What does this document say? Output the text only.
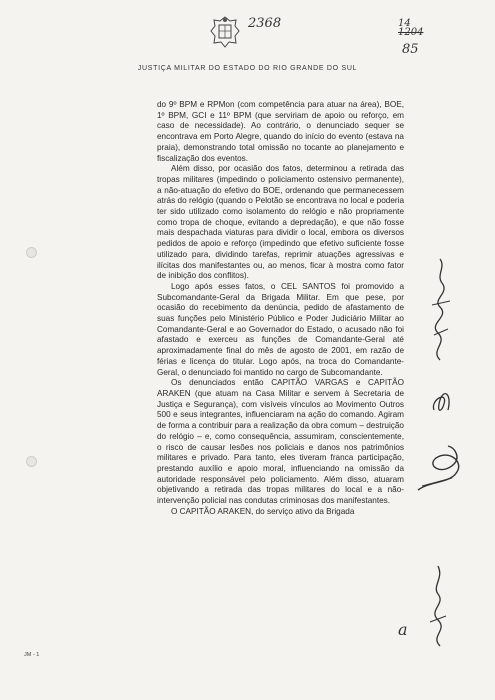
2368	14
1204
85
JUSTIÇA MILITAR DO ESTADO DO RIO GRANDE DO SUL

do 9º BPM e RPMon (com competência para atuar na área), BOE, 1º BPM, GCI e 11º BPM (que serviriam de apoio ou reforço, em caso de necessidade). Ao contrário, o denunciado sequer se encontrava em Porto Alegre, quando do início do evento (estava na praia), demonstrando total omissão no tocante ao planejamento e fiscalização dos eventos.

Além disso, por ocasião dos fatos, determinou a retirada das tropas militares (impedindo o policiamento ostensivo permanente), a não-atuação do efetivo do BOE, ordenando que permanecessem atrás do relógio (quando o Pelotão se encontrava no local e poderia ter sido utilizado como isolamento do relógio e não propriamente como tropa de choque, evitando a depredação), e que não fosse mais despachada viaturas para dividir o local, embora os diversos pedidos de apoio e reforço (impedindo que efetivo suficiente fosse utilizado para, dividindo tarefas, reprimir atuações agressivas e ilícitas dos manifestantes ou, ao menos, ficar à mostra como fator de inibição dos conflitos).

Logo após esses fatos, o CEL SANTOS foi promovido a Subcomandante-Geral da Brigada Militar. Em que pese, por ocasião do recebimento da denúncia, pedido de afastamento de suas funções pelo Ministério Público e Poder Judiciário Militar ao Comandante-Geral e ao Governador do Estado, o acusado não foi afastado e exerceu as funções de Comandante-Geral até aproximadamente final do mês de agosto de 2001, em razão de férias e licença do titular. Logo após, na troca do Comandante-Geral, o denunciado foi mantido no cargo de Subcomandante.

Os denunciados então CAPITÃO VARGAS e CAPITÃO ARAKEN (que atuam na Casa Militar e servem à Secretaria de Justiça e Segurança), com visíveis vínculos ao Movimento Outros 500 e seus integrantes, influenciaram na ação do comando. Agiram de forma a contribuir para a realização da obra comum – destruição do relógio – e, como consequência, assumiram, conscientemente, o risco de causar lesões nos policiais e danos nos patrimônios militares e privado. Para tanto, eles tiveram franca participação, prestando auxílio e apoio moral, influenciando na omissão da autoridade responsável pelo policiamento. Além disso, atuaram objetivando a retirada das tropas militares do local e a não-intervenção policial nas condutas criminosas dos manifestantes.

O CAPITÃO ARAKEN, do serviço ativo da Brigada

a
JM - 1
